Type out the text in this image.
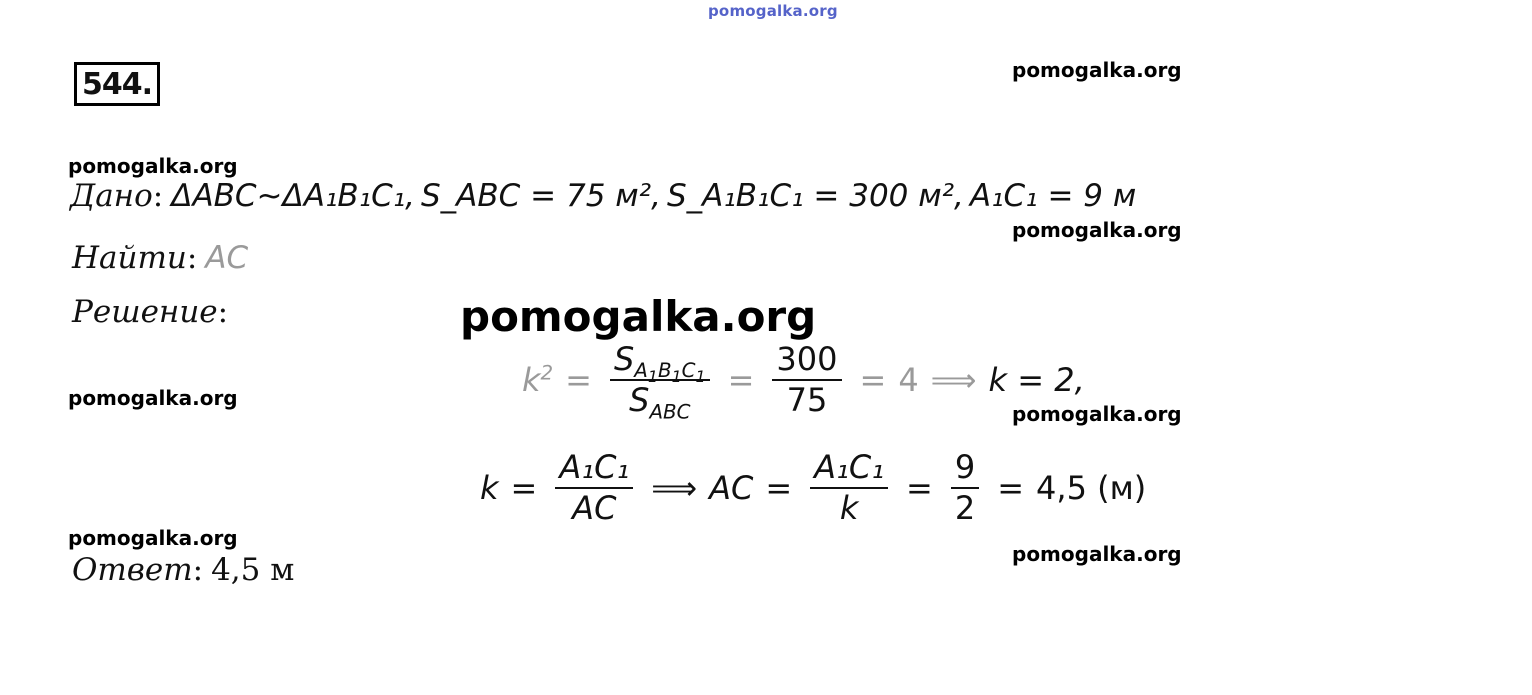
pomogalka.org
544.	pomogalka.org
pomogalka.org
pomogalka.org
pomogalka.org
pomogalka.org
pomogalka.org
pomogalka.org
pomogalka.org
Дано : ΔABC~ΔA₁B₁C₁, S_ABC = 75 м², S_A₁B₁C₁ = 300 м², A₁C₁ = 9 м
Найти : AC
Решение :
$k^2 = \frac{S_{A_1B_1C_1}}{S_{ABC}} = \frac{300}{75} = 4$ ⟹ k = 2,
$k = \frac{\text{A₁C₁}}{AC}$ ⟹ AC = $\frac{\text{A₁C₁}}{k} = \frac{9}{2} = 4,5$ (м)
Ответ : 4,5 м
